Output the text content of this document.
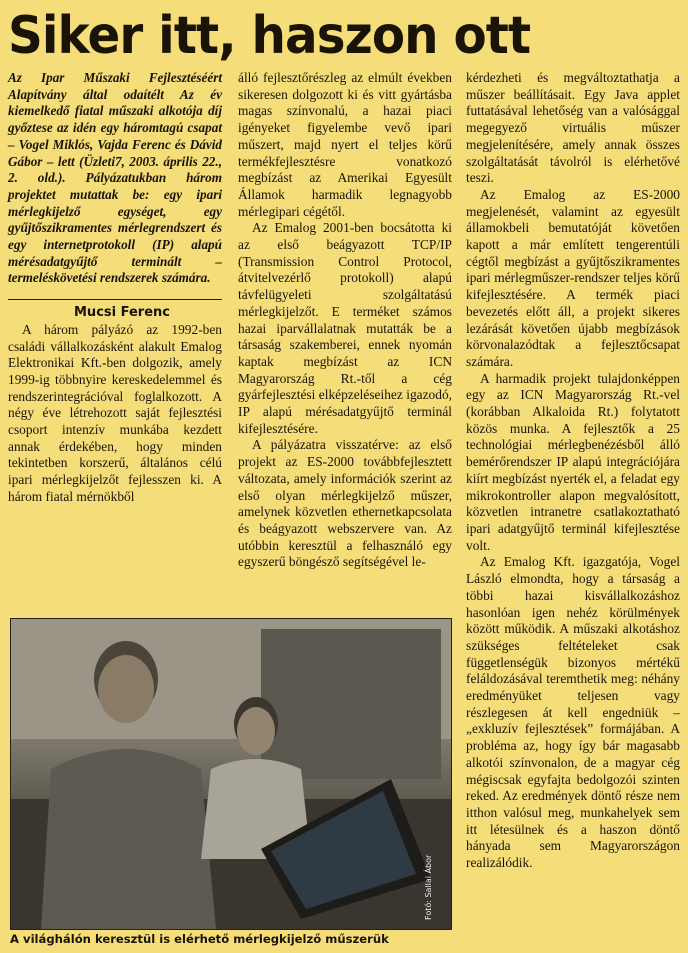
Siker itt, haszon ott

Az Ipar Műszaki Fejlesztéséért Alapítvány által odaítélt Az év kiemelkedő fiatal műszaki alkotója díj győztese az idén egy háromtagú csapat – Vogel Miklós, Vajda Ferenc és Dávid Gábor – lett (Üzleti7, 2003. április 22., 2. old.). Pályázatukban három projektet mutattak be: egy ipari mérlegkijelző egységet, egy gyűjtőszikramentes mérlegrendszert és egy internetprotokoll (IP) alapú mérésadatgyűjtő terminált – termeléskövetési rendszerek számára.

Mucsi Ferenc

A három pályázó az 1992-ben családi vállalkozásként alakult Emalog Elektronikai Kft.-ben dolgozik, amely 1999-ig többnyire kereskedelemmel és rendszerintegrációval foglalkozott. A négy éve létrehozott saját fejlesztési csoport intenzív munkába kezdett annak érdekében, hogy minden tekintetben korszerű, általános célú ipari mérlegkijelzőt fejlesszen ki. A három fiatal mérnökből

álló fejlesztőrészleg az elmúlt években sikeresen dolgozott ki és vitt gyártásba magas színvonalú, a hazai piaci igényeket figyelembe vevő ipari műszert, majd nyert el teljes körű termékfejlesztésre vonatkozó megbízást az Amerikai Egyesült Államok harmadik legnagyobb mérlegipari cégétől.

Az Emalog 2001-ben bocsátotta ki az első beágyazott TCP/IP (Transmission Control Protocol, átvitelvezérlő protokoll) alapú távfelügyeleti szolgáltatású mérlegkijelzőt. E terméket számos hazai iparvállalatnak mutatták be a társaság szakemberei, ennek nyomán kaptak megbízást az ICN Magyarország Rt.-től a cég gyárfejlesztési elképzeléseihez igazodó, IP alapú mérésadatgyűjtő terminál kifejlesztésére.

A pályázatra visszatérve: az első projekt az ES-2000 továbbfejlesztett változata, amely információk szerint az első olyan mérlegkijelző műszer, amelynek közvetlen ethernetkapcsolata és beágyazott webszervere van. Az utóbbin keresztül a felhasználó egy egyszerű böngésző segítségével le-

kérdezheti és megváltoztathatja a műszer beállításait. Egy Java applet futtatásával lehetőség van a valósággal megegyező virtuális műszer megjelenítésére, amely annak összes szolgáltatását távolról is elérhetővé teszi.

Az Emalog az ES-2000 megjelenését, valamint az egyesült államokbeli bemutatóját követően kapott a már említett tengerentúli cégtől megbízást a gyűjtőszikramentes ipari mérlegműszer-rendszer teljes körű kifejlesztésére. A termék piaci bevezetés előtt áll, a projekt sikeres lezárását követően újabb megbízások körvonalazódtak a fejlesztőcsapat számára.

A harmadik projekt tulajdonképpen egy az ICN Magyarország Rt.-vel (korábban Alkaloida Rt.) folytatott közös munka. A fejlesztők a 25 technológiai mérlegbenézésből álló bemérőrendszer IP alapú integrációjára kiírt megbízást nyerték el, a feladat egy mikrokontroller alapon megvalósított, közvetlen intranetre csatlakoztatható ipari adatgyűjtő terminál kifejlesztése volt.

Az Emalog Kft. igazgatója, Vogel László elmondta, hogy a társaság a többi hazai kisvállalkozáshoz hasonlóan igen nehéz körülmények között működik. A műszaki alkotáshoz szükséges feltételeket csak függetlenségük bizonyos mértékű feláldozásával teremthetik meg: néhány eredményüket teljesen vagy részlegesen át kell engedniük – „exkluzív fejlesztések” formájában. A probléma az, hogy így bár magasabb alkotói színvonalon, de a magyar cég mégiscsak egyfajta bedolgozói szinten reked. Az eredmények döntő része nem itthon valósul meg, munkahelyek sem itt létesülnek és a haszon döntő hányada sem Magyarországon realizálódik.

Fotó: Sallai Ábor
A világhálón keresztül is elérhető mérlegkijelző műszerük
